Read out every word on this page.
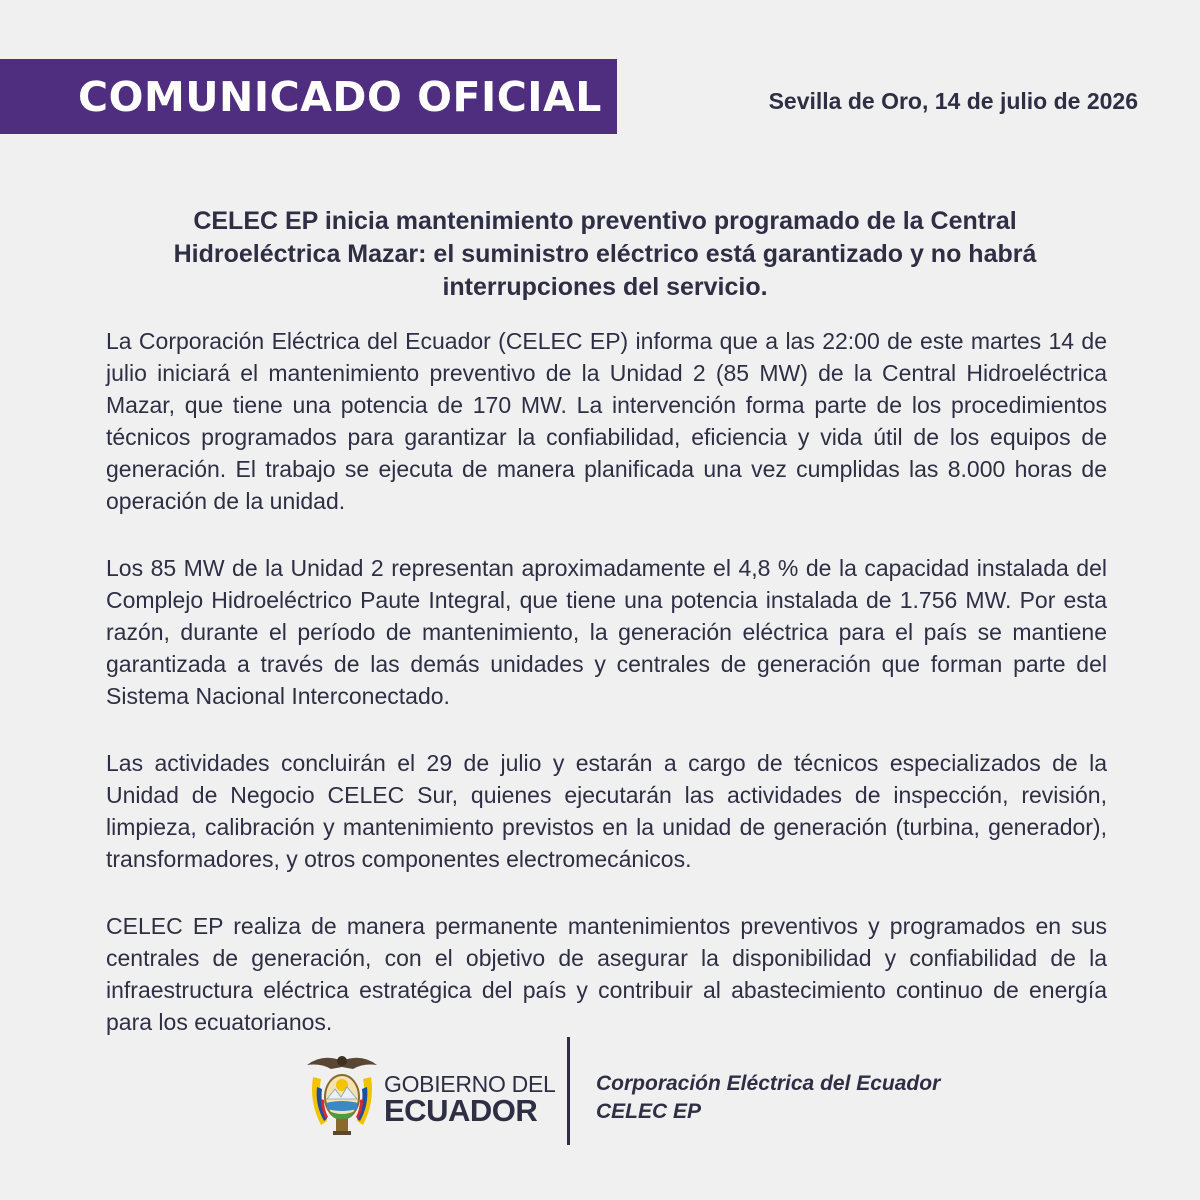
COMUNICADO OFICIAL	Sevilla de Oro, 14 de julio de 2026
CELEC EP inicia mantenimiento preventivo programado de la Central Hidroeléctrica Mazar: el suministro eléctrico está garantizado y no habrá interrupciones del servicio.

La Corporación Eléctrica del Ecuador (CELEC EP) informa que a las 22:00 de este martes 14 de julio iniciará el mantenimiento preventivo de la Unidad 2 (85 MW) de la Central Hidroeléctrica Mazar, que tiene una potencia de 170 MW. La intervención forma parte de los procedimientos técnicos programados para garantizar la confiabilidad, eficiencia y vida útil de los equipos de generación. El trabajo se ejecuta de manera planificada una vez cumplidas las 8.000 horas de operación de la unidad.

Los 85 MW de la Unidad 2 representan aproximadamente el 4,8 % de la capacidad instalada del Complejo Hidroeléctrico Paute Integral, que tiene una potencia instalada de 1.756 MW. Por esta razón, durante el período de mantenimiento, la generación eléctrica para el país se mantiene garantizada a través de las demás unidades y centrales de generación que forman parte del Sistema Nacional Interconectado.

Las actividades concluirán el 29 de julio y estarán a cargo de técnicos especializados de la Unidad de Negocio CELEC Sur, quienes ejecutarán las actividades de inspección, revisión, limpieza, calibración y mantenimiento previstos en la unidad de generación (turbina, generador), transformadores, y otros componentes electromecánicos.

CELEC EP realiza de manera permanente mantenimientos preventivos y programados en sus centrales de generación, con el objetivo de asegurar la disponibilidad y confiabilidad de la infraestructura eléctrica estratégica del país y contribuir al abastecimiento continuo de energía para los ecuatorianos.

GOBIERNO DEL
ECUADOR
Corporación Eléctrica del Ecuador
CELEC EP
